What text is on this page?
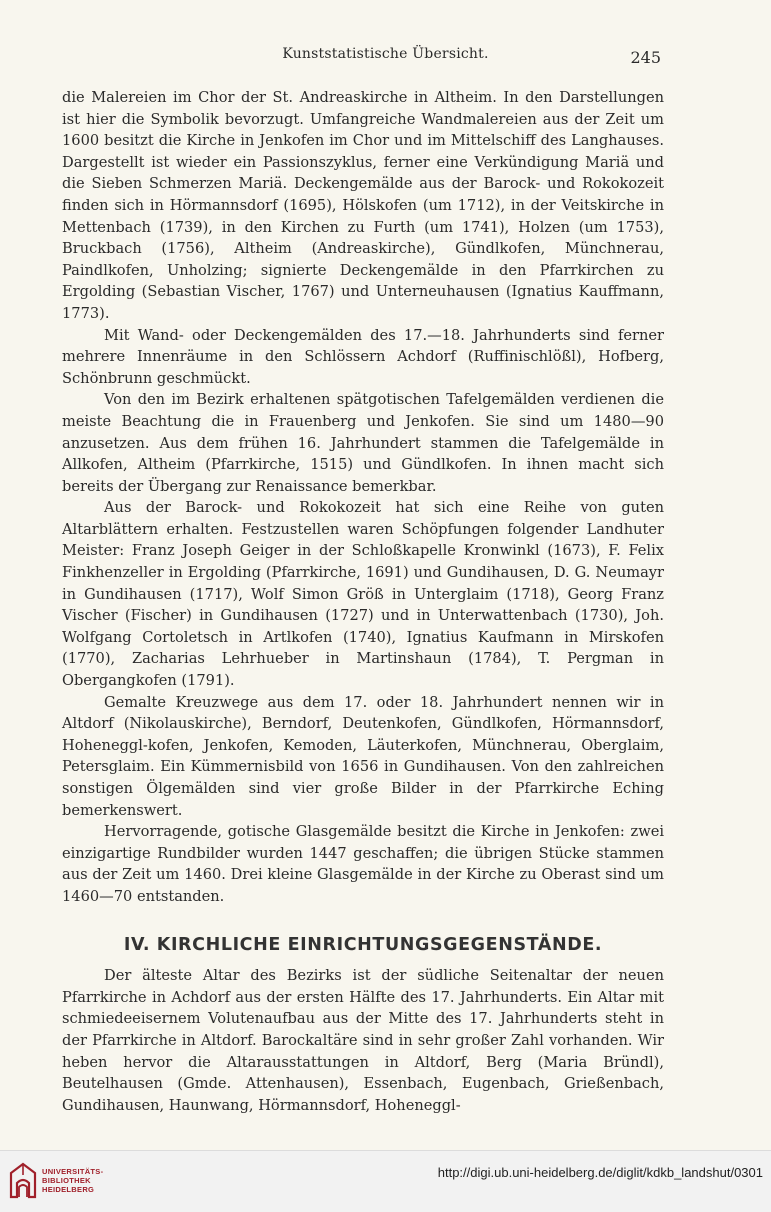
Kunststatistische Übersicht.	245

die Malereien im Chor der St. Andreaskirche in Altheim. In den Darstellungen ist hier die Symbolik bevorzugt. Umfangreiche Wandmalereien aus der Zeit um 1600 besitzt die Kirche in Jenkofen im Chor und im Mittelschiff des Langhauses. Dargestellt ist wieder ein Passionszyklus, ferner eine Verkündigung Mariä und die Sieben Schmerzen Mariä. Deckengemälde aus der Barock- und Rokokozeit finden sich in Hörmannsdorf (1695), Hölskofen (um 1712), in der Veitskirche in Mettenbach (1739), in den Kirchen zu Furth (um 1741), Holzen (um 1753), Bruckbach (1756), Altheim (Andreaskirche), Gündlkofen, Münchnerau, Paindlkofen, Unholzing; signierte Deckengemälde in den Pfarrkirchen zu Ergolding (Sebastian Vischer, 1767) und Unterneuhausen (Ignatius Kauffmann, 1773).

Mit Wand- oder Deckengemälden des 17.—18. Jahrhunderts sind ferner mehrere Innenräume in den Schlössern Achdorf (Ruffinischlößl), Hofberg, Schönbrunn geschmückt.

Von den im Bezirk erhaltenen spätgotischen Tafelgemälden verdienen die meiste Beachtung die in Frauenberg und Jenkofen. Sie sind um 1480—90 anzusetzen. Aus dem frühen 16. Jahrhundert stammen die Tafelgemälde in Allkofen, Altheim (Pfarrkirche, 1515) und Gündlkofen. In ihnen macht sich bereits der Übergang zur Renaissance bemerkbar.

Aus der Barock- und Rokokozeit hat sich eine Reihe von guten Altarblättern erhalten. Festzustellen waren Schöpfungen folgender Landhuter Meister: Franz Joseph Geiger in der Schloßkapelle Kronwinkl (1673), F. Felix Finkhenzeller in Ergolding (Pfarrkirche, 1691) und Gundihausen, D. G. Neumayr in Gundihausen (1717), Wolf Simon Größ in Unterglaim (1718), Georg Franz Vischer (Fischer) in Gundihausen (1727) und in Unterwattenbach (1730), Joh. Wolfgang Cortoletsch in Artlkofen (1740), Ignatius Kaufmann in Mirskofen (1770), Zacharias Lehrhueber in Martinshaun (1784), T. Pergman in Obergangkofen (1791).

Gemalte Kreuzwege aus dem 17. oder 18. Jahrhundert nennen wir in Altdorf (Nikolauskirche), Berndorf, Deutenkofen, Gündlkofen, Hörmannsdorf, Hoheneggl-kofen, Jenkofen, Kemoden, Läuterkofen, Münchnerau, Oberglaim, Petersglaim. Ein Kümmernisbild von 1656 in Gundihausen. Von den zahlreichen sonstigen Ölgemälden sind vier große Bilder in der Pfarrkirche Eching bemerkenswert.

Hervorragende, gotische Glasgemälde besitzt die Kirche in Jenkofen: zwei einzigartige Rundbilder wurden 1447 geschaffen; die übrigen Stücke stammen aus der Zeit um 1460. Drei kleine Glasgemälde in der Kirche zu Oberast sind um 1460—70 entstanden.

IV. KIRCHLICHE EINRICHTUNGSGEGENSTÄNDE.

Der älteste Altar des Bezirks ist der südliche Seitenaltar der neuen Pfarrkirche in Achdorf aus der ersten Hälfte des 17. Jahrhunderts. Ein Altar mit schmiedeeisernem Volutenaufbau aus der Mitte des 17. Jahrhunderts steht in der Pfarrkirche in Altdorf. Barockaltäre sind in sehr großer Zahl vorhanden. Wir heben hervor die Altarausstattungen in Altdorf, Berg (Maria Bründl), Beutelhausen (Gmde. Attenhausen), Essenbach, Eugenbach, Grießenbach, Gundihausen, Haunwang, Hörmannsdorf, Hoheneggl-

UNIVERSITÄTS-
BIBLIOTHEK
HEIDELBERG
http://digi.ub.uni-heidelberg.de/diglit/kdkb_landshut/0301
